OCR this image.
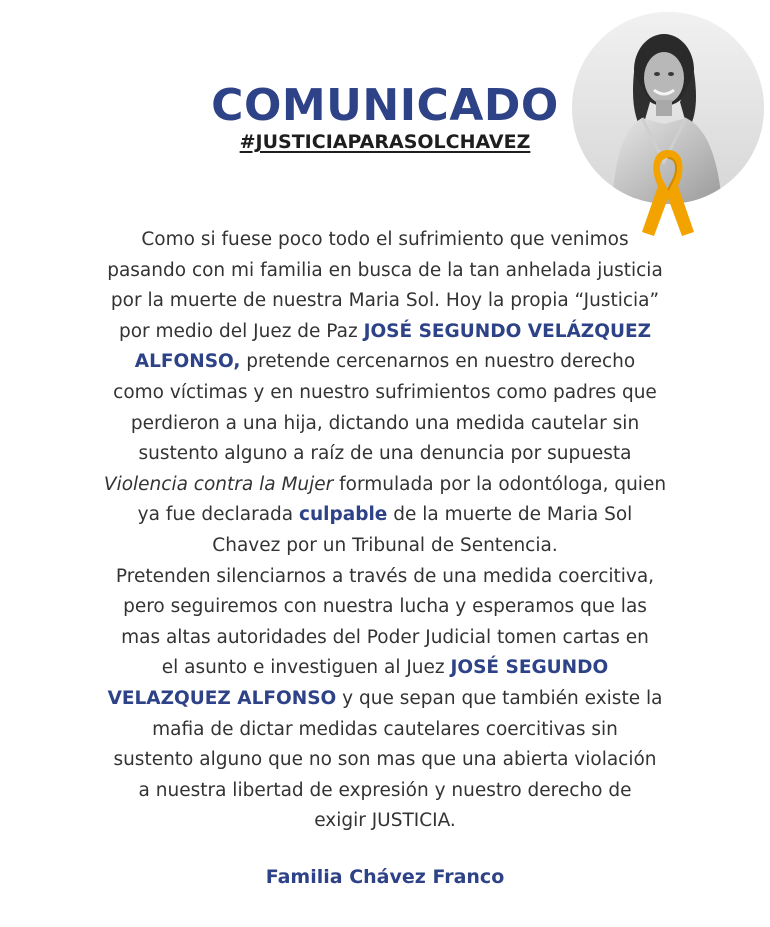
COMUNICADO
#JUSTICIAPARASOLCHAVEZ
Como si fuese poco todo el sufrimiento que venimos
pasando con mi familia en busca de la tan anhelada justicia
por la muerte de nuestra Maria Sol. Hoy la propia “Justicia”
por medio del Juez de Paz JOSÉ SEGUNDO VELÁZQUEZ
ALFONSO, pretende cercenarnos en nuestro derecho
como víctimas y en nuestro sufrimientos como padres que
perdieron a una hija, dictando una medida cautelar sin
sustento alguno a raíz de una denuncia por supuesta
Violencia contra la Mujer formulada por la odontóloga, quien
ya fue declarada culpable de la muerte de Maria Sol
Chavez por un Tribunal de Sentencia.
Pretenden silenciarnos a través de una medida coercitiva,
pero seguiremos con nuestra lucha y esperamos que las
mas altas autoridades del Poder Judicial tomen cartas en
el asunto e investiguen al Juez JOSÉ SEGUNDO
VELAZQUEZ ALFONSO y que sepan que también existe la
mafia de dictar medidas cautelares coercitivas sin
sustento alguno que no son mas que una abierta violación
a nuestra libertad de expresión y nuestro derecho de
exigir JUSTICIA.
Familia Chávez Franco
